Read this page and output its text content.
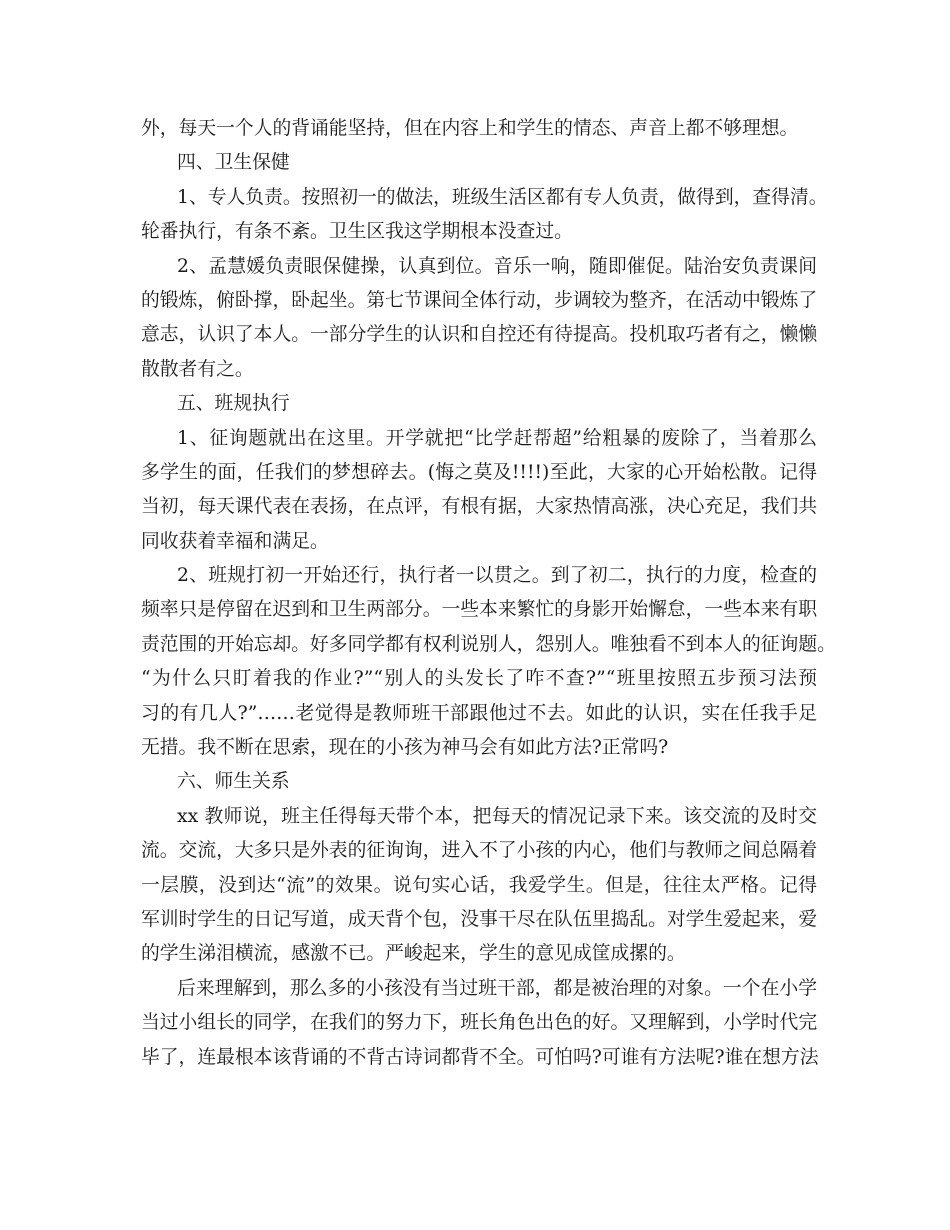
外，每天一个人的背诵能坚持，但在内容上和学生的情态、声音上都不够理想。
四、卫生保健
1、专人负责。按照初一的做法，班级生活区都有专人负责，做得到，查得清。
轮番执行，有条不紊。卫生区我这学期根本没查过。
2、孟慧媛负责眼保健操，认真到位。音乐一响，随即催促。陆治安负责课间
的锻炼，俯卧撑，卧起坐。第七节课间全体行动，步调较为整齐，在活动中锻炼了
意志，认识了本人。一部分学生的认识和自控还有待提高。投机取巧者有之，懒懒
散散者有之。
五、班规执行
1、征询题就出在这里。开学就把“比学赶帮超”给粗暴的废除了，当着那么
多学生的面，任我们的梦想碎去。(悔之莫及!!!!)至此，大家的心开始松散。记得
当初，每天课代表在表扬，在点评，有根有据，大家热情高涨，决心充足，我们共
同收获着幸福和满足。
2、班规打初一开始还行，执行者一以贯之。到了初二，执行的力度，检查的
频率只是停留在迟到和卫生两部分。一些本来繁忙的身影开始懈怠，一些本来有职
责范围的开始忘却。好多同学都有权利说别人，怨别人。唯独看不到本人的征询题。
“为什么只盯着我的作业?”“别人的头发长了咋不查?”“班里按照五步预习法预
习的有几人?”……老觉得是教师班干部跟他过不去。如此的认识，实在任我手足
无措。我不断在思索，现在的小孩为神马会有如此方法?正常吗?
六、师生关系
xx 教师说，班主任得每天带个本，把每天的情况记录下来。该交流的及时交
流。交流，大多只是外表的征询询，进入不了小孩的内心，他们与教师之间总隔着
一层膜，没到达“流”的效果。说句实心话，我爱学生。但是，往往太严格。记得
军训时学生的日记写道，成天背个包，没事干尽在队伍里捣乱。对学生爱起来，爱
的学生涕泪横流，感激不已。严峻起来，学生的意见成筐成摞的。
后来理解到，那么多的小孩没有当过班干部，都是被治理的对象。一个在小学
当过小组长的同学，在我们的努力下，班长角色出色的好。又理解到，小学时代完
毕了，连最根本该背诵的不背古诗词都背不全。可怕吗?可谁有方法呢?谁在想方法
